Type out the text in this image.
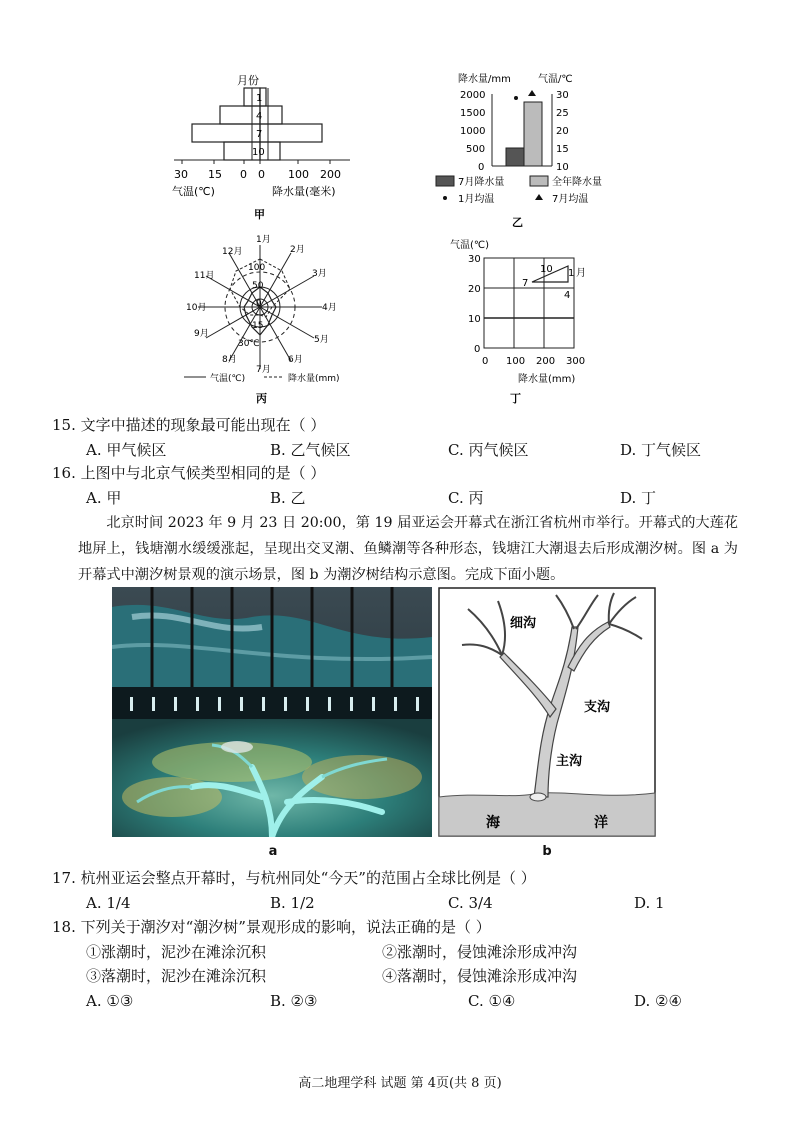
月份
1
4
7
10
30 15 0 0 100 200
气温(℃)	降水量(毫米)
甲
降水量/mm	气温/℃
2000
1500
1000
500
0
30
25
20
15
10
7月降水量	全年降水量
1月均温	7月均温
乙
1月
2月
3月
4月
5月
6月
7月
8月
9月
10月
11月
12月
100
50
0
15
30℃
气温(℃)	降水量(mm)
丙
气温(℃)
30
20
10
0
0 100 200 300
降水量(mm)
10 1 月
7
4
丁
15. 文字中描述的现象最可能出现在（ ）
A. 甲气候区	B. 乙气候区	C. 丙气候区	D. 丁气候区
16. 上图中与北京气候类型相同的是（ ）
A. 甲	B. 乙	C. 丙	D. 丁
北京时间 2023 年 9 月 23 日 20:00，第 19 届亚运会开幕式在浙江省杭州市举行。开幕式的大莲花地屏上，钱塘潮水缓缓涨起，呈现出交叉潮、鱼鳞潮等各种形态，钱塘江大潮退去后形成潮汐树。图 a 为开幕式中潮汐树景观的演示场景，图 b 为潮汐树结构示意图。完成下面小题。
细沟
支沟
主沟
海	洋
a	b
17. 杭州亚运会整点开幕时，与杭州同处“今天”的范围占全球比例是（ ）
A. 1/4	B. 1/2	C. 3/4	D. 1
18. 下列关于潮汐对“潮汐树”景观形成的影响，说法正确的是（ ）
①涨潮时，泥沙在滩涂沉积	②涨潮时，侵蚀滩涂形成冲沟
③落潮时，泥沙在滩涂沉积	④落潮时，侵蚀滩涂形成冲沟
A. ①③	B. ②③	C. ①④	D. ②④
高二地理学科 试题 第 4页(共 8 页)
